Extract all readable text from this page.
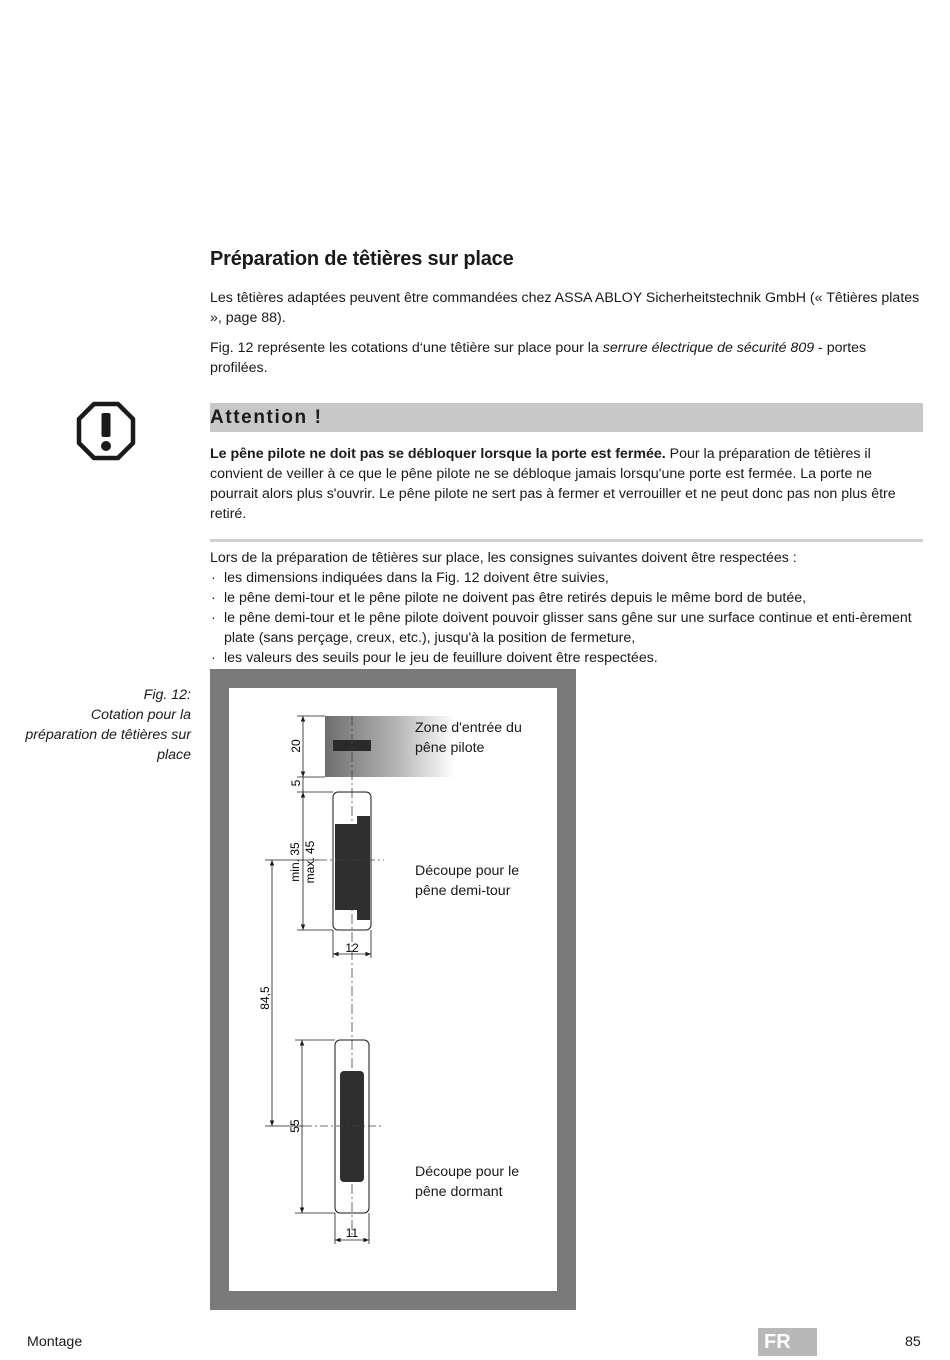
Préparation de têtières sur place
Les têtières adaptées peuvent être commandées chez ASSA ABLOY Sicherheitstechnik GmbH (« Têtières plates », page 88).
Fig. 12 représente les cotations d‘une têtière sur place pour la serrure électrique de sécurité 809 - portes profilées.
Attention !
Le pêne pilote ne doit pas se débloquer lorsque la porte est fermée. Pour la préparation de têtières il convient de veiller à ce que le pêne pilote ne se débloque jamais lorsqu'une porte est fermée. La porte ne pourrait alors plus s'ouvrir. Le pêne pilote ne sert pas à fermer et verrouiller et ne peut donc pas non plus être retiré.
Lors de la préparation de têtières sur place, les consignes suivantes doivent être respectées :
· les dimensions indiquées dans la Fig. 12 doivent être suivies,
· le pêne demi-tour et le pêne pilote ne doivent pas être retirés depuis le même bord de butée,
· le pêne demi-tour et le pêne pilote doivent pouvoir glisser sans gêne sur une surface continue et enti-èrement plate (sans perçage, creux, etc.), jusqu'à la position de fermeture,
· les valeurs des seuils pour le jeu de feuillure doivent être respectées.
Fig. 12:
Cotation pour la préparation de têtières sur place
20
5
min. 35 max. 45
12
84,5
55
11
Zone d'entrée du
pêne pilote
Découpe pour le
pêne demi-tour
Découpe pour le
pêne dormant
Montage	FR	85
